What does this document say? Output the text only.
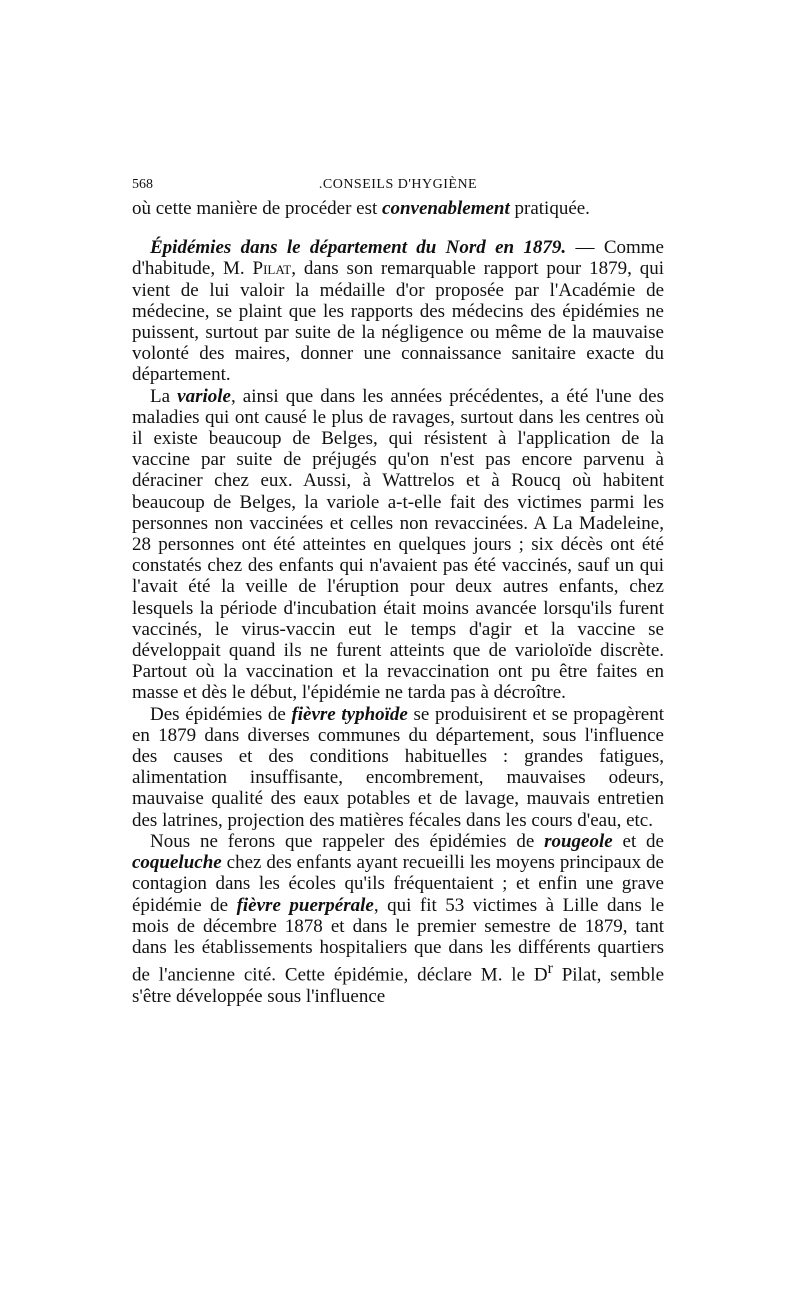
568	.CONSEILS D'HYGIÈNE

où cette manière de procéder est convenablement pratiquée.

Épidémies dans le département du Nord en 1879. — Comme d'habitude, M. Pilat, dans son remarquable rapport pour 1879, qui vient de lui valoir la médaille d'or proposée par l'Académie de médecine, se plaint que les rapports des médecins des épidémies ne puissent, surtout par suite de la négligence ou même de la mauvaise volonté des maires, donner une connaissance sanitaire exacte du département.

La variole, ainsi que dans les années précédentes, a été l'une des maladies qui ont causé le plus de ravages, surtout dans les centres où il existe beaucoup de Belges, qui résistent à l'application de la vaccine par suite de préjugés qu'on n'est pas encore parvenu à déraciner chez eux. Aussi, à Wattrelos et à Roucq où habitent beaucoup de Belges, la variole a-t-elle fait des victimes parmi les personnes non vaccinées et celles non revaccinées. A La Madeleine, 28 personnes ont été atteintes en quelques jours ; six décès ont été constatés chez des enfants qui n'avaient pas été vaccinés, sauf un qui l'avait été la veille de l'éruption pour deux autres enfants, chez lesquels la période d'incubation était moins avancée lorsqu'ils furent vaccinés, le virus-vaccin eut le temps d'agir et la vaccine se développait quand ils ne furent atteints que de varioloïde discrète. Partout où la vaccination et la revaccination ont pu être faites en masse et dès le début, l'épidémie ne tarda pas à décroître.

Des épidémies de fièvre typhoïde se produisirent et se propagèrent en 1879 dans diverses communes du département, sous l'influence des causes et des conditions habituelles : grandes fatigues, alimentation insuffisante, encombrement, mauvaises odeurs, mauvaise qualité des eaux potables et de lavage, mauvais entretien des latrines, projection des matières fécales dans les cours d'eau, etc.

Nous ne ferons que rappeler des épidémies de rougeole et de coqueluche chez des enfants ayant recueilli les moyens principaux de contagion dans les écoles qu'ils fréquentaient ; et enfin une grave épidémie de fièvre puerpérale, qui fit 53 victimes à Lille dans le mois de décembre 1878 et dans le premier semestre de 1879, tant dans les établissements hospitaliers que dans les différents quartiers de l'ancienne cité. Cette épidémie, déclare M. le $D^r$ Pilat, semble s'être développée sous l'influence
